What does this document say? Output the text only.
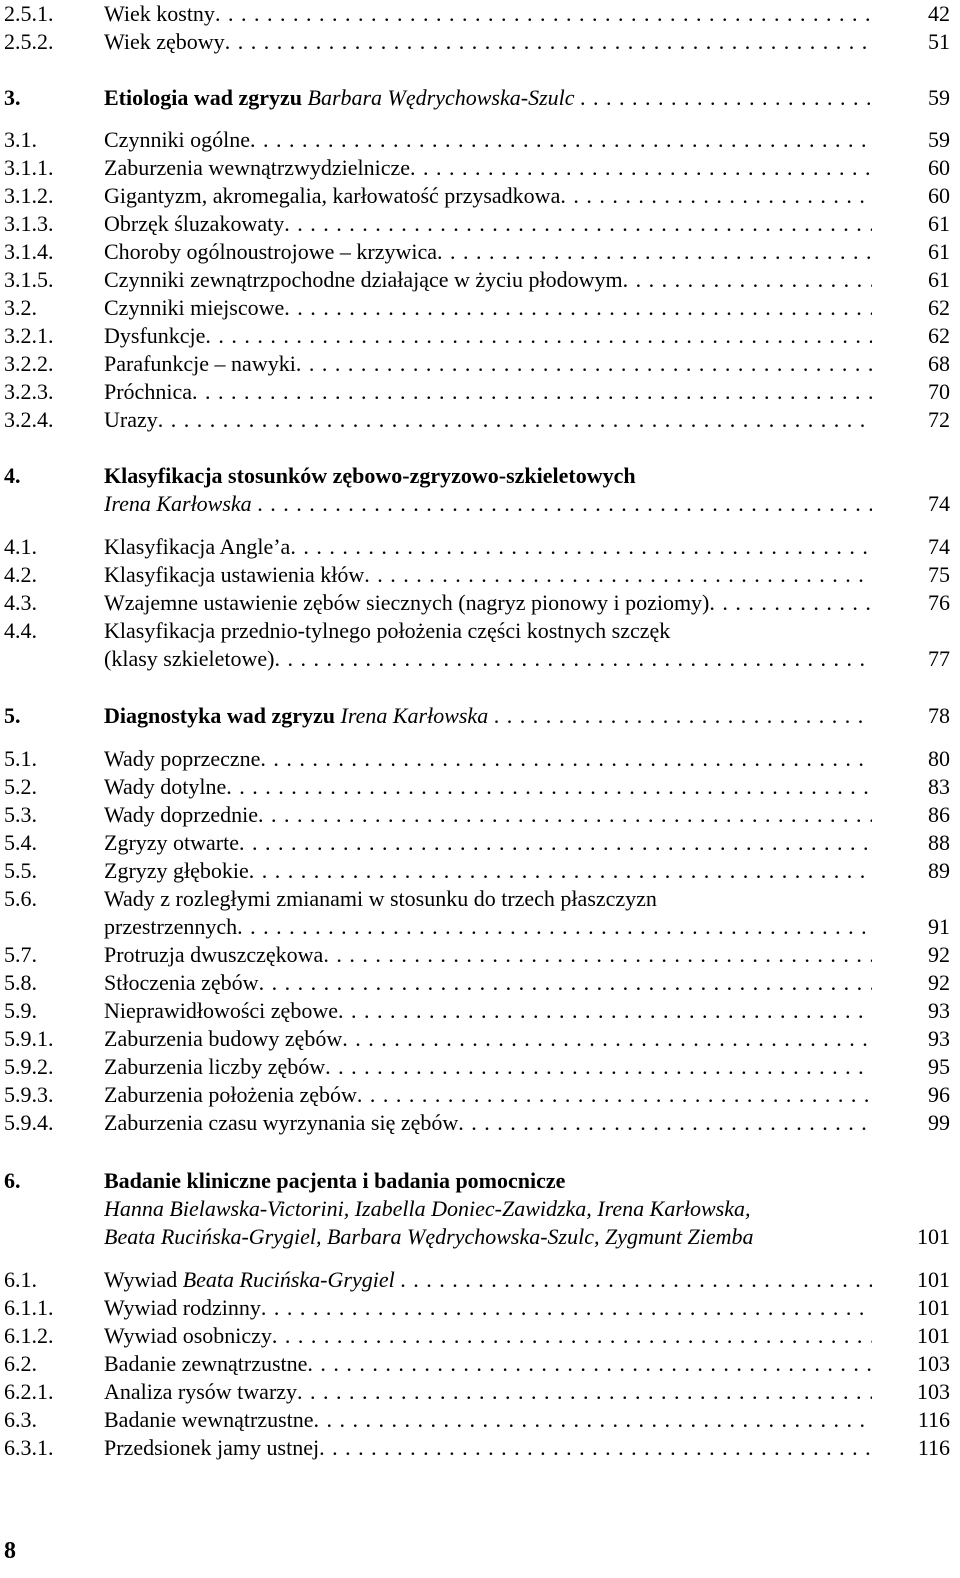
2.5.1. Wiek kostny . . .	42
2.5.2. Wiek zębowy . . .	51
3.	Etiologia wad zgryzu Barbara Wędrychowska-Szulc . . .	59
3.1.	Czynniki ogólne . . .	59
3.1.1. Zaburzenia wewnątrzwydzielnicze . . .	60
3.1.2. Gigantyzm, akromegalia, karłowatość przysadkowa . . .	60
3.1.3. Obrzęk śluzakowaty . . .	61
3.1.4. Choroby ogólnoustrojowe – krzywica . . .	61
3.1.5. Czynniki zewnątrzpochodne działające w życiu płodowym . . .	61
3.2.	Czynniki miejscowe . . .	62
3.2.1. Dysfunkcje . . .	62
3.2.2. Parafunkcje – nawyki . . .	68
3.2.3. Próchnica . . .	70
3.2.4. Urazy . . .	72
4.	Klasyfikacja stosunków zębowo-zgryzowo-szkieletowych
Irena Karłowska . . .	74
4.1.	Klasyfikacja Angle’a . . .	74
4.2.	Klasyfikacja ustawienia kłów . . .	75
4.3.	Wzajemne ustawienie zębów siecznych (nagryz pionowy i poziomy) . . .	76
4.4.	Klasyfikacja przednio-tylnego położenia części kostnych szczęk
(klasy szkieletowe) . . .	77
5.	Diagnostyka wad zgryzu Irena Karłowska . . .	78
5.1.	Wady poprzeczne . . .	80
5.2.	Wady dotylne . . .	83
5.3.	Wady doprzednie . . .	86
5.4.	Zgryzy otwarte . . .	88
5.5.	Zgryzy głębokie . . .	89
5.6.	Wady z rozległymi zmianami w stosunku do trzech płaszczyzn
przestrzennych . . .	91
5.7.	Protruzja dwuszczękowa . . .	92
5.8.	Stłoczenia zębów . . .	92
5.9.	Nieprawidłowości zębowe . . .	93
5.9.1. Zaburzenia budowy zębów . . .	93
5.9.2. Zaburzenia liczby zębów . . .	95
5.9.3. Zaburzenia położenia zębów . . .	96
5.9.4. Zaburzenia czasu wyrzynania się zębów . . .	99
6.	Badanie kliniczne pacjenta i badania pomocnicze
Hanna Bielawska-Victorini, Izabella Doniec-Zawidzka, Irena Karłowska,
Beata Rucińska-Grygiel, Barbara Wędrychowska-Szulc, Zygmunt Ziemba	101
6.1.	Wywiad Beata Rucińska-Grygiel . . .	101
6.1.1. Wywiad rodzinny . . .	101
6.1.2. Wywiad osobniczy . . .	101
6.2.	Badanie zewnątrzustne . . .	103
6.2.1. Analiza rysów twarzy . . .	103
6.3.	Badanie wewnątrzustne . . .	116
6.3.1. Przedsionek jamy ustnej . . .	116
8
